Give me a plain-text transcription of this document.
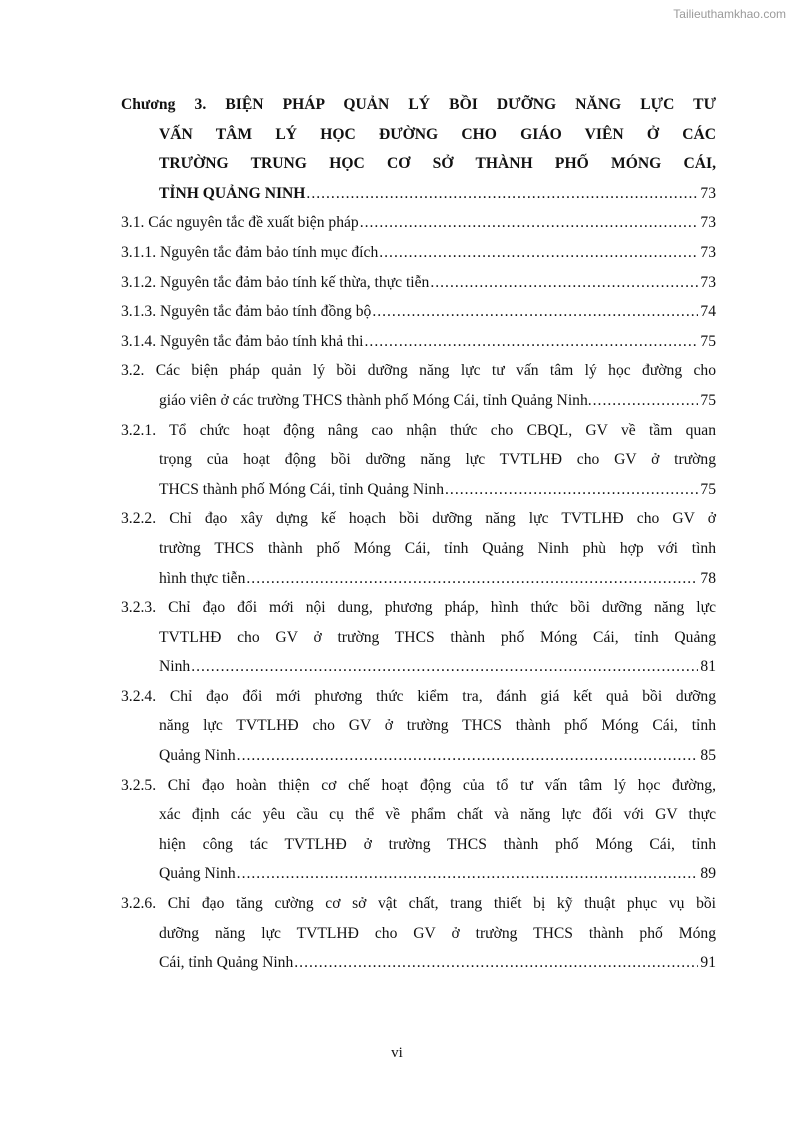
Tailieuthamkhao.com
Chương 3. BIỆN PHÁP QUẢN LÝ BỒI DƯỠNG NĂNG LỰC TƯ
VẤN TÂM LÝ HỌC ĐƯỜNG CHO GIÁO VIÊN Ở CÁC
TRƯỜNG TRUNG HỌC CƠ SỞ THÀNH PHỐ MÓNG CÁI,
TỈNH QUẢNG NINH .....	73
3.1. Các nguyên tắc đề xuất biện pháp .....	73
3.1.1. Nguyên tắc đảm bảo tính mục đích .....	73
3.1.2. Nguyên tắc đảm bảo tính kế thừa, thực tiễn .....	73
3.1.3. Nguyên tắc đảm bảo tính đồng bộ .....	74
3.1.4. Nguyên tắc đảm bảo tính khả thi .....	75
3.2. Các biện pháp quản lý bồi dưỡng năng lực tư vấn tâm lý học đường cho
giáo viên ở các trường THCS thành phố Móng Cái, tỉnh Quảng Ninh. .....	75
3.2.1. Tổ chức hoạt động nâng cao nhận thức cho CBQL, GV về tầm quan
trọng của hoạt động bồi dưỡng năng lực TVTLHĐ cho GV ở trường
THCS thành phố Móng Cái, tỉnh Quảng Ninh .....	75
3.2.2. Chỉ đạo xây dựng kế hoạch bồi dưỡng năng lực TVTLHĐ cho GV ở
trường THCS thành phố Móng Cái, tỉnh Quảng Ninh phù hợp với tình
hình thực tiễn .....	78
3.2.3. Chỉ đạo đổi mới nội dung, phương pháp, hình thức bồi dưỡng năng lực
TVTLHĐ cho GV ở trường THCS thành phố Móng Cái, tỉnh Quảng
Ninh .....	81
3.2.4. Chỉ đạo đổi mới phương thức kiểm tra, đánh giá kết quả bồi dưỡng
năng lực TVTLHĐ cho GV ở trường THCS thành phố Móng Cái, tỉnh
Quảng Ninh .....	85
3.2.5. Chỉ đạo hoàn thiện cơ chế hoạt động của tổ tư vấn tâm lý học đường,
xác định các yêu cầu cụ thể về phẩm chất và năng lực đối với GV thực
hiện công tác TVTLHĐ ở trường THCS thành phố Móng Cái, tỉnh
Quảng Ninh .....	89
3.2.6. Chỉ đạo tăng cường cơ sở vật chất, trang thiết bị kỹ thuật phục vụ bồi
dưỡng năng lực TVTLHĐ cho GV ở trường THCS thành phố Móng
Cái, tỉnh Quảng Ninh .....	91
vi
